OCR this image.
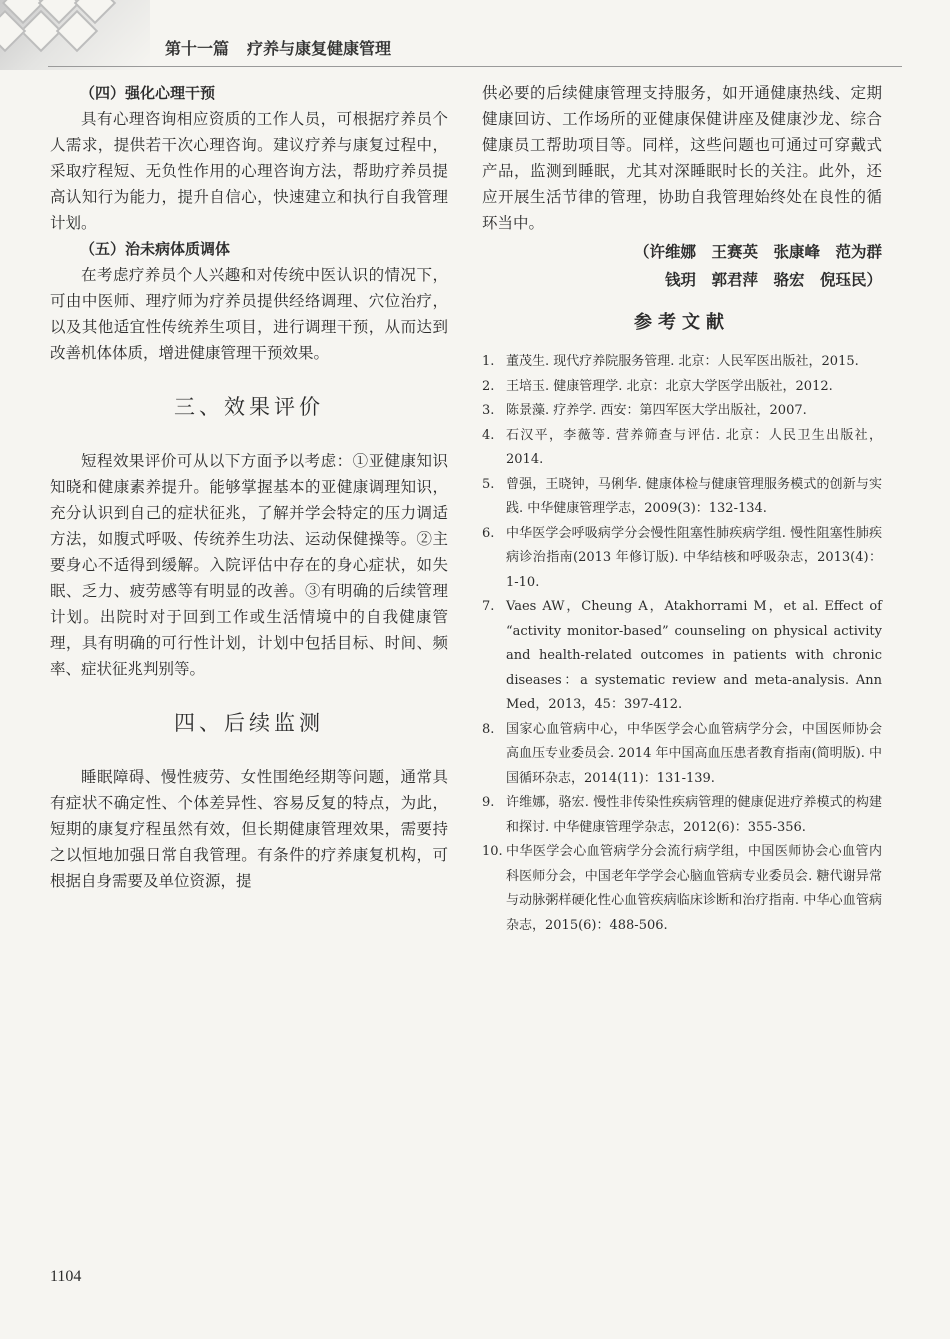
第十一篇 疗养与康复健康管理
（四）强化心理干预

具有心理咨询相应资质的工作人员，可根据疗养员个人需求，提供若干次心理咨询。建议疗养与康复过程中，采取疗程短、无负性作用的心理咨询方法，帮助疗养员提高认知行为能力，提升自信心，快速建立和执行自我管理计划。

（五）治未病体质调体

在考虑疗养员个人兴趣和对传统中医认识的情况下，可由中医师、理疗师为疗养员提供经络调理、穴位治疗，以及其他适宜性传统养生项目，进行调理干预，从而达到改善机体体质，增进健康管理干预效果。

三、效果评价

短程效果评价可从以下方面予以考虑：①亚健康知识知晓和健康素养提升。能够掌握基本的亚健康调理知识，充分认识到自己的症状征兆，了解并学会特定的压力调适方法，如腹式呼吸、传统养生功法、运动保健操等。②主要身心不适得到缓解。入院评估中存在的身心症状，如失眠、乏力、疲劳感等有明显的改善。③有明确的后续管理计划。出院时对于回到工作或生活情境中的自我健康管理，具有明确的可行性计划，计划中包括目标、时间、频率、症状征兆判别等。

四、后续监测

睡眠障碍、慢性疲劳、女性围绝经期等问题，通常具有症状不确定性、个体差异性、容易反复的特点，为此，短期的康复疗程虽然有效，但长期健康管理效果，需要持之以恒地加强日常自我管理。有条件的疗养康复机构，可根据自身需要及单位资源，提

供必要的后续健康管理支持服务，如开通健康热线、定期健康回访、工作场所的亚健康保健讲座及健康沙龙、综合健康员工帮助项目等。同样，这些问题也可通过可穿戴式产品，监测到睡眠，尤其对深睡眠时长的关注。此外，还应开展生活节律的管理，协助自我管理始终处在良性的循环当中。

（许维娜　王赛英　张康峰　范为群
钱玥　郭君萍　骆宏　倪珏民）
参考文献
1. 董茂生. 现代疗养院服务管理. 北京：人民军医出版社，2015.
2. 王培玉. 健康管理学. 北京：北京大学医学出版社，2012.
3. 陈景藻. 疗养学. 西安：第四军医大学出版社，2007.
4. 石汉平，李薇等. 营养筛查与评估. 北京：人民卫生出版社，2014.
5. 曾强，王晓钟，马俐华. 健康体检与健康管理服务模式的创新与实践. 中华健康管理学志，2009(3)：132-134.
6. 中华医学会呼吸病学分会慢性阻塞性肺疾病学组. 慢性阻塞性肺疾病诊治指南(2013 年修订版). 中华结核和呼吸杂志，2013(4)：1-10.
7. Vaes AW，Cheung A，Atakhorrami M，et al. Effect of “activity monitor-based” counseling on physical activity and health-related outcomes in patients with chronic diseases：a systematic review and meta-analysis. Ann Med，2013，45：397-412.
8. 国家心血管病中心，中华医学会心血管病学分会，中国医师协会高血压专业委员会. 2014 年中国高血压患者教育指南(简明版). 中国循环杂志，2014(11)：131-139.
9. 许维娜，骆宏. 慢性非传染性疾病管理的健康促进疗养模式的构建和探讨. 中华健康管理学杂志，2012(6)：355-356.
10. 中华医学会心血管病学分会流行病学组，中国医师协会心血管内科医师分会，中国老年学学会心脑血管病专业委员会. 糖代谢异常与动脉粥样硬化性心血管疾病临床诊断和治疗指南. 中华心血管病杂志，2015(6)：488-506.
1104
